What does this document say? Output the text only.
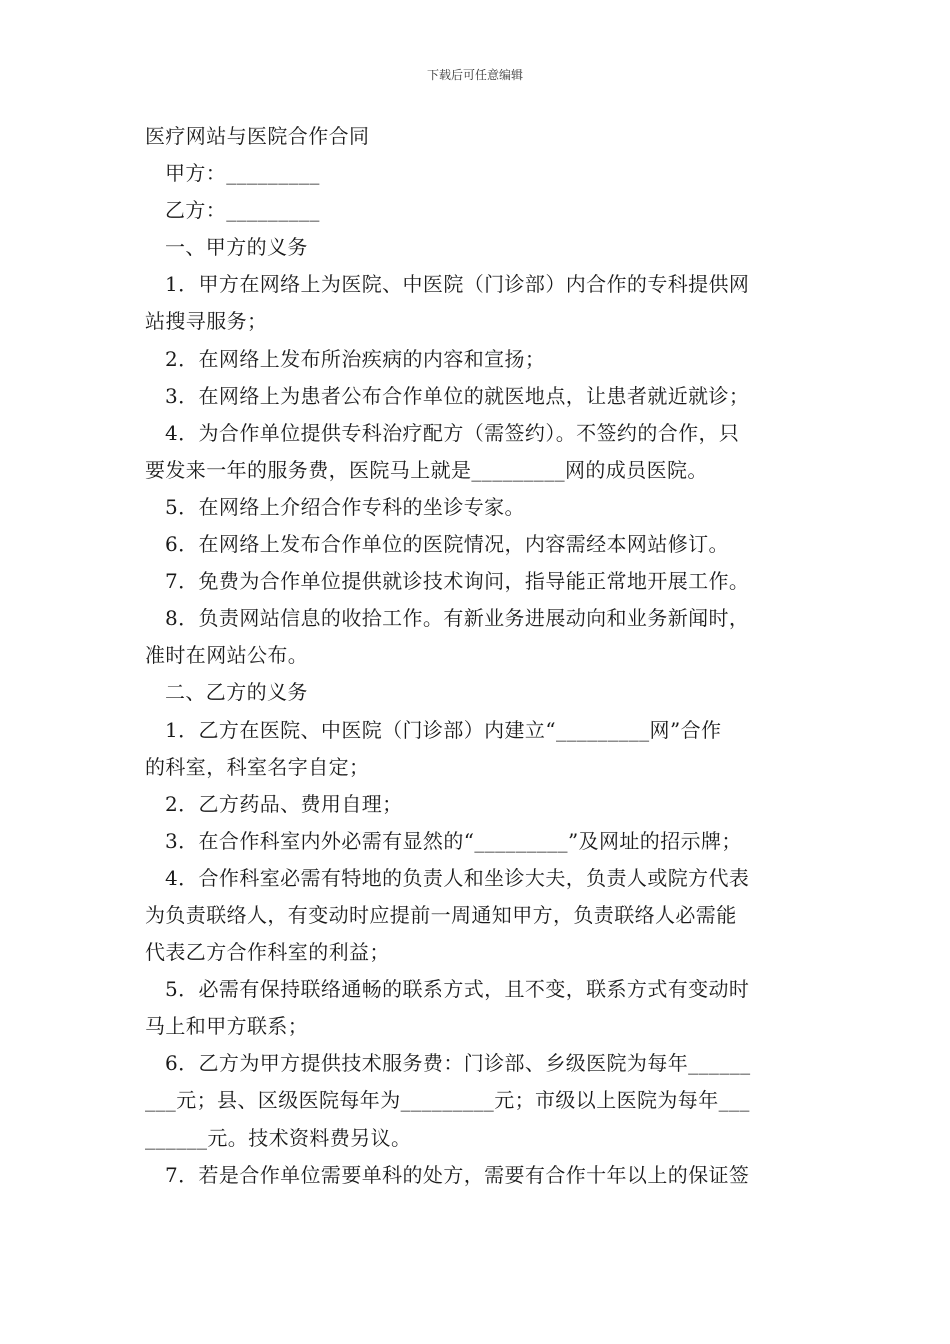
下载后可任意编辑
医疗网站与医院合作合同
甲方：_________
乙方：_________
一、甲方的义务
1．甲方在网络上为医院、中医院（门诊部）内合作的专科提供网
站搜寻服务；
2．在网络上发布所治疾病的内容和宣扬；
3．在网络上为患者公布合作单位的就医地点，让患者就近就诊；
4．为合作单位提供专科治疗配方（需签约）。不签约的合作，只
要发来一年的服务费，医院马上就是_________网的成员医院。
5．在网络上介绍合作专科的坐诊专家。
6．在网络上发布合作单位的医院情况，内容需经本网站修订。
7．免费为合作单位提供就诊技术询问，指导能正常地开展工作。
8．负责网站信息的收拾工作。有新业务进展动向和业务新闻时，
准时在网站公布。
二、乙方的义务
1．乙方在医院、中医院（门诊部）内建立“_________网”合作
的科室，科室名字自定；
2．乙方药品、费用自理；
3．在合作科室内外必需有显然的“_________”及网址的招示牌；
4．合作科室必需有特地的负责人和坐诊大夫，负责人或院方代表
为负责联络人，有变动时应提前一周通知甲方，负责联络人必需能
代表乙方合作科室的利益；
5．必需有保持联络通畅的联系方式，且不变，联系方式有变动时
马上和甲方联系；
6．乙方为甲方提供技术服务费：门诊部、乡级医院为每年______
___元；县、区级医院每年为_________元；市级以上医院为每年___
______元。技术资料费另议。
7．若是合作单位需要单科的处方，需要有合作十年以上的保证签
